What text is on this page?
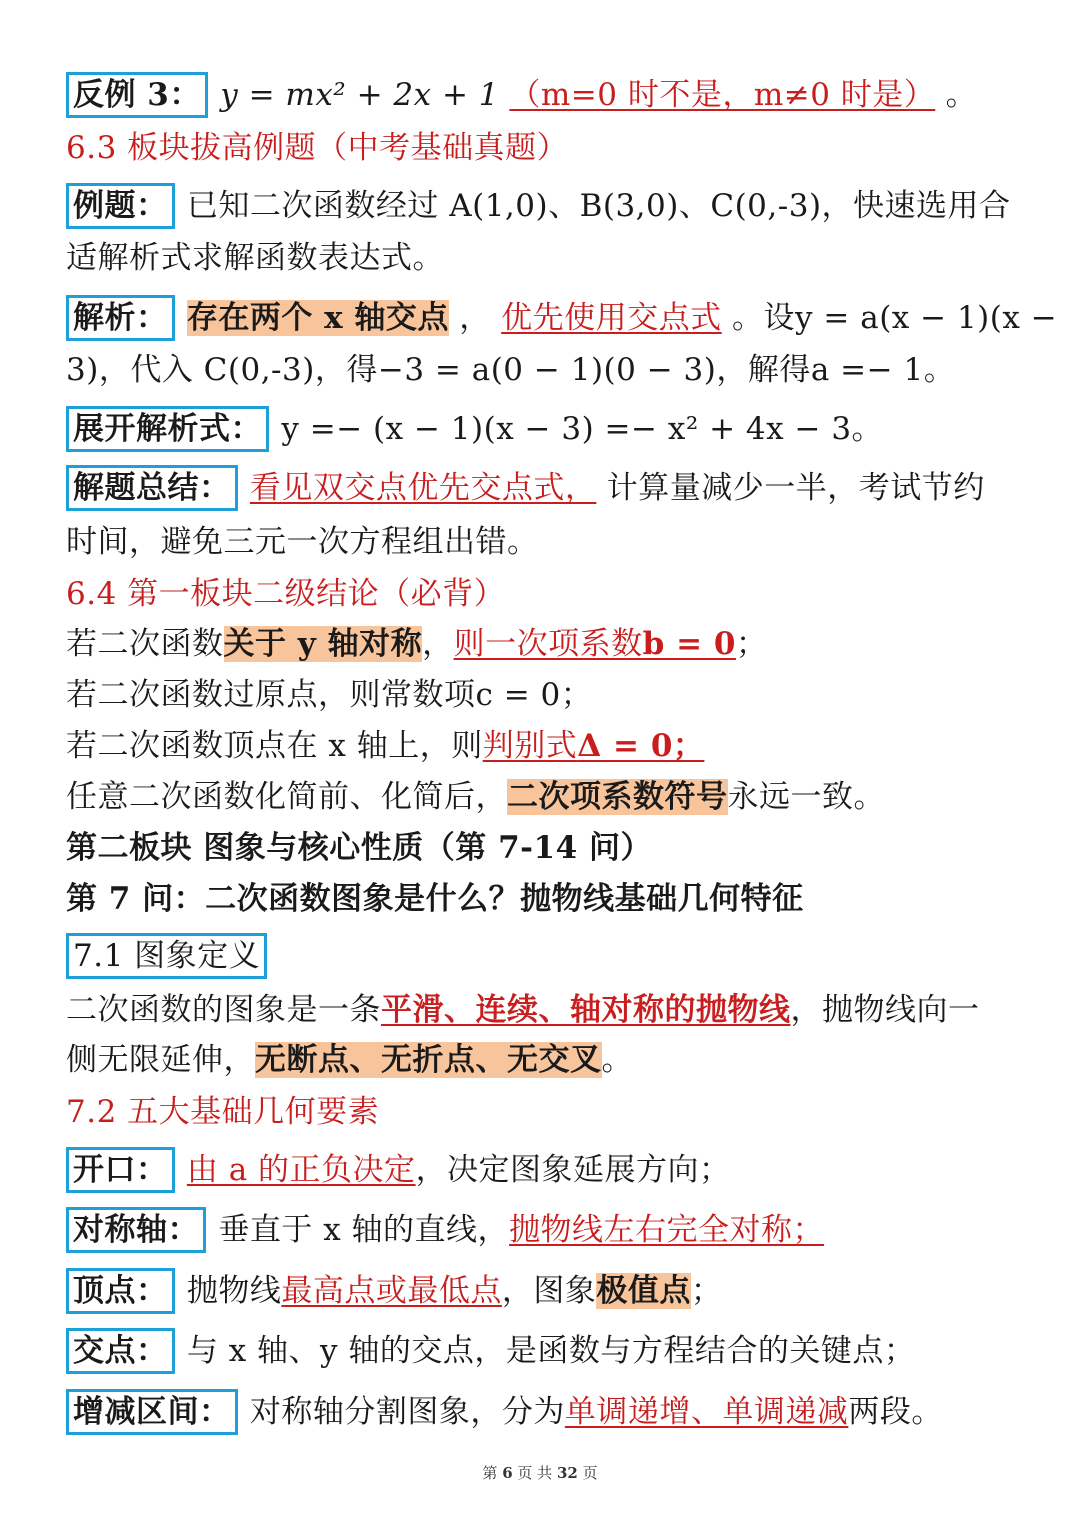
反例 3： y = mx² + 2x + 1 （m=0 时不是，m≠0 时是） 。
6.3 板块拔高例题（中考基础真题）
例题： 已知二次函数经过 A(1,0)、B(3,0)、C(0,-3)，快速选用合
适解析式求解函数表达式。
解析： 存在两个 x 轴交点 ， 优先使用交点式 。设y = a(x − 1)(x −
3)，代入 C(0,-3)，得−3 = a(0 − 1)(0 − 3)，解得a =− 1。
展开解析式： y =− (x − 1)(x − 3) =− x² + 4x − 3。
解题总结： 看见双交点优先交点式， 计算量减少一半，考试节约
时间，避免三元一次方程组出错。
6.4 第一板块二级结论（必背）
若二次函数关于 y 轴对称，则一次项系数b = 0；
若二次函数过原点，则常数项c = 0；
若二次函数顶点在 x 轴上，则判别式Δ = 0；
任意二次函数化简前、化简后，二次项系数符号永远一致。
第二板块 图象与核心性质（第 7-14 问）
第 7 问：二次函数图象是什么？抛物线基础几何特征
7.1 图象定义
二次函数的图象是一条平滑、连续、轴对称的抛物线，抛物线向一
侧无限延伸，无断点、无折点、无交叉。
7.2 五大基础几何要素
开口： 由 a 的正负决定，决定图象延展方向；
对称轴： 垂直于 x 轴的直线，抛物线左右完全对称；
顶点： 抛物线最高点或最低点，图象极值点；
交点： 与 x 轴、y 轴的交点，是函数与方程结合的关键点；
增减区间： 对称轴分割图象，分为单调递增、单调递减两段。
第 6 页 共 32 页
